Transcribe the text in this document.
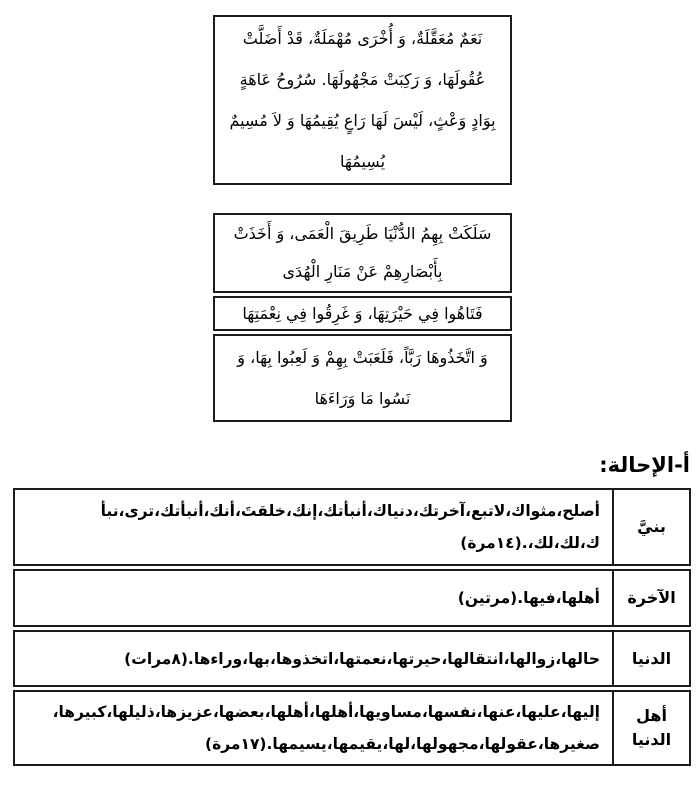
نَعَمٌ مُعَقَّلَةٌ، وَ أُخْرَى مُهْمَلَةٌ، قَدْ أَضَلَّتْ
عُقُولَهَا، وَ رَكِبَتْ مَجْهُولَهَا. سُرُوحُ عَاهَةٍ
بِوَادٍ وَعْثٍ، لَيْسَ لَهَا رَاعٍ يُقِيمُهَا وَ لاَ مُسِيمٌ
يُسِيمُهَا
سَلَكَتْ بِهِمُ الدُّنْيَا طَرِيقَ الْعَمَى، وَ أَخَذَتْ
بِأَبْصَارِهِمْ عَنْ مَنَارِ الْهُدَى
فَتَاهُوا فِي حَيْرَتِهَا، وَ غَرِقُوا فِي نِعْمَتِهَا
وَ اتَّخَذُوهَا رَبَّاً، فَلَعَبَتْ بِهِمْ وَ لَعِبُوا بِهَا، وَ
نَسُوا مَا وَرَاءَهَا
أ-الإحالة:
بنيَّ
أصلح،مثواك،لاتبع،آخرتك،دنياك،أنبأتك،إنك،خلقتَ،أنك،أنبأتك،ترى،نبأ
ك،لك،لك،.(١٤مرة)
الآخرة
أهلها،فيها.(مرتين)
الدنيا
حالها،زوالها،انتقالها،حيرتها،نعمتها،اتخذوها،بها،وراءها.(٨مرات)
أهل الدنيا
إليها،عليها،عنها،نفسها،مساويها،أهلها،أهلها،بعضها،عزيزها،ذليلها،كبيرها،
صغيرها،عقولها،مجهولها،لها،يقيمها،يسيمها.(١٧مرة)
